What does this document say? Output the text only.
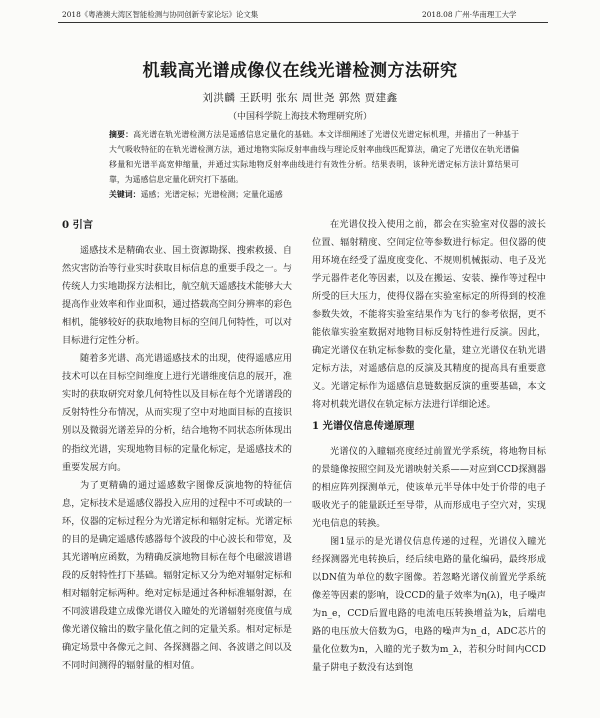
2018《粤港澳大湾区智能检测与协同创新专家论坛》论文集	2018.08 广州·华南理工大学
机载高光谱成像仪在线光谱检测方法研究
刘洪麟 王跃明 张东 周世尧 郭然 贾建鑫
（中国科学院上海技术物理研究所）
摘要：高光谱在轨光谱检测方法是遥感信息定量化的基础。本文详细阐述了光谱仪光谱定标机理，并描出了一种基于大气吸收特征的在轨光谱检测方法，通过地物实际反射率曲线与理论反射率曲线匹配算法，确定了光谱仪在轨光谱偏移量和光谱半高宽伸缩量，并通过实际地物反射率曲线进行有效性分析。结果表明，该种光谱定标方法计算结果可靠，为遥感信息定量化研究打下基础。
关键词：遥感；光谱定标；光谱检测；定量化遥感
0 引言

遥感技术是精确农业、国土资源勘探、搜索救援、自然灾害防治等行业实时获取目标信息的重要手段之一。与传统人力实地勘探方法相比，航空航天遥感技术能够大大提高作业效率和作业面积，通过搭载高空间分辨率的彩色相机，能够较好的获取地物目标的空间几何特性，可以对目标进行定性分析。

随着多光谱、高光谱遥感技术的出现，使得遥感应用技术可以在目标空间维度上进行光谱维度信息的展开，准实时的获取研究对象几何特性以及目标在每个光谱谱段的反射特性分布情况，从而实现了空中对地面目标的直接识别以及微弱光谱差异的分析，结合地物不同状态所体现出的指纹光谱，实现地物目标的定量化标定，是遥感技术的重要发展方向。

为了更精确的通过遥感数字图像反演地物的特征信息，定标技术是遥感仪器投入应用的过程中不可或缺的一环，仪器的定标过程分为光谱定标和辐射定标。光谱定标的目的是确定遥感传感器每个波段的中心波长和带宽，及其光谱响应函数，为精确反演地物目标在每个电磁波谱谱段的反射特性打下基础。辐射定标又分为绝对辐射定标和相对辐射定标两种。绝对定标是通过各种标准辐射源，在不同波谱段建立成像光谱仪入瞳处的光谱辐射亮度值与成像光谱仪输出的数字量化值之间的定量关系。相对定标是确定场景中各像元之间、各探测器之间、各波谱之间以及不同时间测得的辐射量的相对值。

在光谱仪投入使用之前，都会在实验室对仪器的波长位置、辐射精度、空间定位等参数进行标定。但仪器的使用环境在经受了温度度变化、不规则机械振动、电子及光学元器件老化等因素，以及在搬运、安装、操作等过程中所受的巨大压力，使得仪器在实验室标定的所得到的校准参数失效，不能将实验室结果作为飞行的参考依据，更不能依靠实验室数据对地物目标反射特性进行反演。因此，确定光谱仪在轨定标参数的变化量，建立光谱仪在轨光谱定标方法，对遥感信息的反演及其精度的提高具有重要意义。光谱定标作为遥感信息链数据反演的重要基础，本文将对机载光谱仪在轨定标方法进行详细论述。

1 光谱仪信息传递原理

光谱仪的入瞳辐亮度经过前置光学系统，将地物目标的景缝像按照空间及光谱映射关系——对应到CCD探测器的相应阵列探测单元，使该单元半导体中处于价带的电子吸收光子的能量跃迁至导带，从而形成电子空穴对，实现光电信息的转换。

图1显示的是光谱仪信息传递的过程，光谱仪入瞳光经探测器光电转换后，经后续电路的量化编码，最终形成以DN值为单位的数字图像。若忽略光谱仪前置光学系统像差等因素的影响，设CCD的量子效率为η(λ)，电子噪声为n_e，CCD后置电路的电流电压转换增益为k，后端电路的电压放大倍数为G，电路的噪声为n_d，ADC芯片的量化位数为n，入瞳的光子数为m_λ，若积分时间内CCD量子阱电子数没有达到饱
